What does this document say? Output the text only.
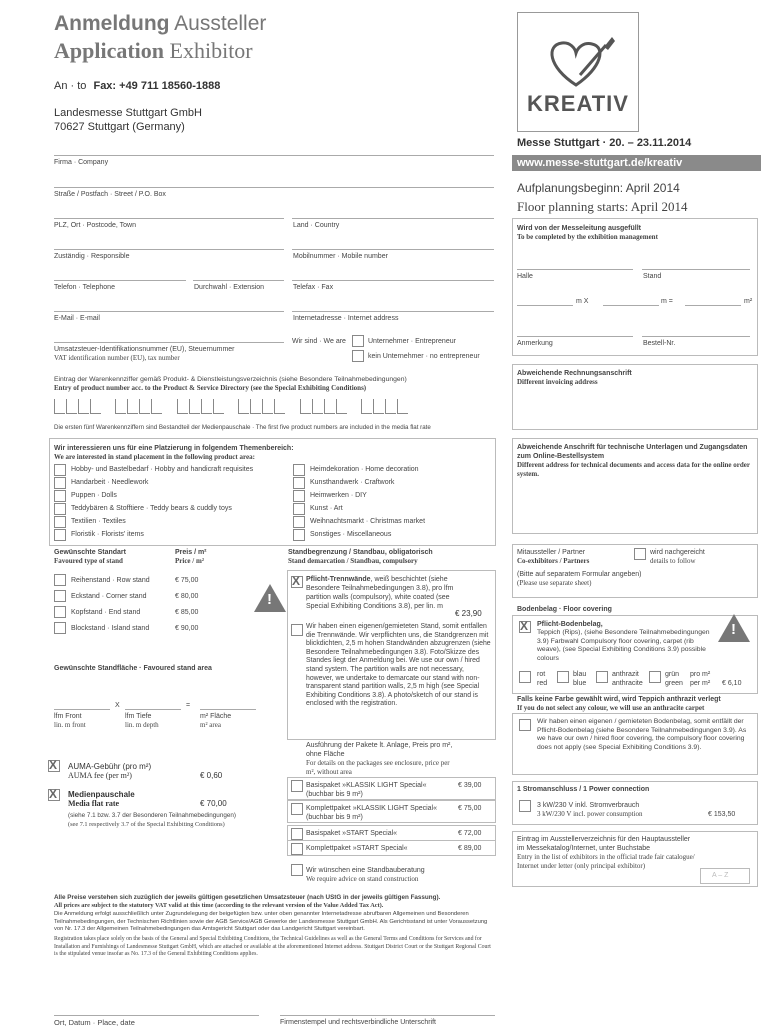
Anmeldung Aussteller
Application Exhibitor
An · to Fax: +49 711 18560-1888
Landesmesse Stuttgart GmbH
70627 Stuttgart (Germany)
KREATIV
Messe Stuttgart · 20. – 23.11.2014
www.messe-stuttgart.de/kreativ
Aufplanungsbeginn: April 2014
Floor planning starts: April 2014
Firma · Company
Straße / Postfach · Street / P.O. Box
PLZ, Ort · Postcode, Town	Land · Country
Zuständig · Responsible	Mobilnummer · Mobile number
Telefon · Telephone	Durchwahl · Extension	Telefax · Fax
E-Mail · E-mail	Internetadresse · Internet address
Umsatzsteuer-Identifikationsnummer (EU), Steuernummer
VAT identification number (EU), tax number
Wir sind · We are	Unternehmer · Entrepreneur
kein Unternehmer · no entrepreneur
Wird von der Messeleitung ausgefüllt
To be completed by the exhibition management
Halle	Stand
m X	m =	m²
Anmerkung	Bestell-Nr.
Eintrag der Warenkennziffer gemäß Produkt- & Dienstleistungsverzeichnis (siehe Besondere Teilnahmebedingungen)
Entry of product number acc. to the Product & Service Directory (see the Special Exhibiting Conditions)

Die ersten fünf Warenkennziffern sind Bestandteil der Medienpauschale · The first five product numbers are included in the media flat rate
Abweichende Rechnungsanschrift
Different invoicing address
Wir interessieren uns für eine Platzierung in folgendem Themenbereich:
We are interested in stand placement in the following product area:
Hobby- und Bastelbedarf · Hobby and handicraft requisites
Handarbeit · Needlework
Puppen · Dolls
Teddybären & Stofftiere · Teddy bears & cuddly toys
Textilien · Textiles
Floristik · Florists' items
Heimdekoration · Home decoration
Kunsthandwerk · Craftwork
Heimwerken · DIY
Kunst · Art
Weihnachtsmarkt · Christmas market
Sonstiges · Miscellaneous
Abweichende Anschrift für technische Unterlagen und Zugangsdaten zum Online-Bestellsystem
Different address for technical documents and access data for the online order system.
Gewünschte Standart
Favoured type of stand
Preis / m²
Price / m²
Reihenstand · Row stand	€ 75,00
Eckstand · Corner stand	€ 80,00
Kopfstand · End stand	€ 85,00
Blockstand · Island stand	€ 90,00
Gewünschte Standfläche · Favoured stand area
X	=
lfm Front
lin. m front
lfm Tiefe
lin. m depth
m² Fläche
m² area
X
AUMA-Gebühr (pro m²)
AUMA fee (per m²)	€ 0,60
X
Medienpauschale
Media flat rate	€ 70,00
(siehe 7.1 bzw. 3.7 der Besonderen Teilnahmebedingungen)
(see 7.1 respectively 3.7 of the Special Exhibiting Conditions)
Standbegrenzung / Standbau, obligatorisch
Stand demarcation / Standbau, compulsory
!
X
Pflicht-Trennwände, weiß beschichtet (siehe Besondere Teilnahmebedingungen 3.8), pro lfm partition walls (compulsory), white coated (see Special Exhibiting Conditions 3.8), per lin. m
€ 23,90
Wir haben einen eigenen/gemieteten Stand, somit entfallen die Trennwände. Wir verpflichten uns, die Standgrenzen mit blickdichten, 2,5 m hohen Standwänden abzugrenzen (siehe Besondere Teilnahmebedingungen 3.8). Foto/Skizze des Standes liegt der Anmeldung bei. We use our own / hired stand system. The partition walls are not necessary, however, we undertake to demarcate our stand with non-transparent stand partition walls, 2,5 m high (see Special Exhibiting Conditions 3.8). A photo/sketch of our stand is enclosed with the registration.
Ausführung der Pakete lt. Anlage, Preis pro m², ohne Fläche
For details on the packages see enclosure, price per m², without area
Basispaket »KLASSIK LIGHT Special« (buchbar bis 9 m²)
€ 39,00
Komplettpaket »KLASSIK LIGHT Special« (buchbar bis 9 m²)
€ 75,00
Basispaket »START Special«	€ 72,00
Komplettpaket »START Special«	€ 89,00
Wir wünschen eine Standbauberatung
We require advice on stand construction
Mitaussteller / Partner
Co-exhibitors / Partners
wird nachgereicht
details to follow
(Bitte auf separatem Formular angeben)
(Please use separate sheet)
Bodenbelag · Floor covering
X
Pflicht-Bodenbelag,
Teppich (Rips), (siehe Besondere Teilnahmebedingungen 3.9) Farbwahl Compulsory floor covering, carpet (rib weave), (see Special Exhibiting Conditions 3.9) possible colours
!
rot
red
blau
blue
anthrazit
anthracite
grün
green
pro m²
per m² € 6,10
Falls keine Farbe gewählt wird, wird Teppich anthrazit verlegt
If you do not select any colour, we will use an anthracite carpet
Wir haben einen eigenen / gemieteten Bodenbelag, somit entfällt der Pflicht-Bodenbelag (siehe Besondere Teilnahmebedingungen 3.9). As we have our own / hired floor covering, the compulsory floor covering does not apply (see Special Exhibiting Conditions 3.9).
1 Stromanschluss / 1 Power connection
3 kW/230 V inkl. Stromverbrauch
3 kW/230 V incl. power consumption	€ 153,50
Eintrag im Ausstellerverzeichnis für den Hauptaussteller
im Messekatalog/Internet, unter Buchstabe
Entry in the list of exhibitors in the official trade fair catalogue/
Internet under letter (only principal exhibitor)
A – Z
Alle Preise verstehen sich zuzüglich der jeweils gültigen gesetzlichen Umsatzsteuer (nach UStG in der jeweils gültigen Fassung).
All prices are subject to the statutory VAT valid at this time (according to the relevant version of the Value Added Tax Act).
Die Anmeldung erfolgt ausschließlich unter Zugrundelegung der beigefügten bzw. unter oben genannter Internetadresse abrufbaren Allgemeinen und Besonderen Teilnahmebedingungen, der Technischen Richtlinien sowie der AGB Service/AGB Gewerke der Landesmesse Stuttgart GmbH. Als Gerichtsstand ist unter Voraussetzung von Nr. 17.3 der Allgemeinen Teilnahmebedingungen das Amtsgericht Stuttgart oder das Landgericht Stuttgart vereinbart.
Registration takes place solely on the basis of the General and Special Exhibiting Conditions, the Technical Guidelines as well as the General Terms and Conditions for Services and for Installation and Furnishings of Landesmesse Stuttgart GmbH, which are attached or available at the aforementioned Internet address. Stuttgart District Court or the Stuttgart Regional Court is the stipulated venue insofar as No. 17.3 of the General Exhibiting Conditions applies.
Ort, Datum · Place, date	Firmenstempel und rechtsverbindliche Unterschrift
